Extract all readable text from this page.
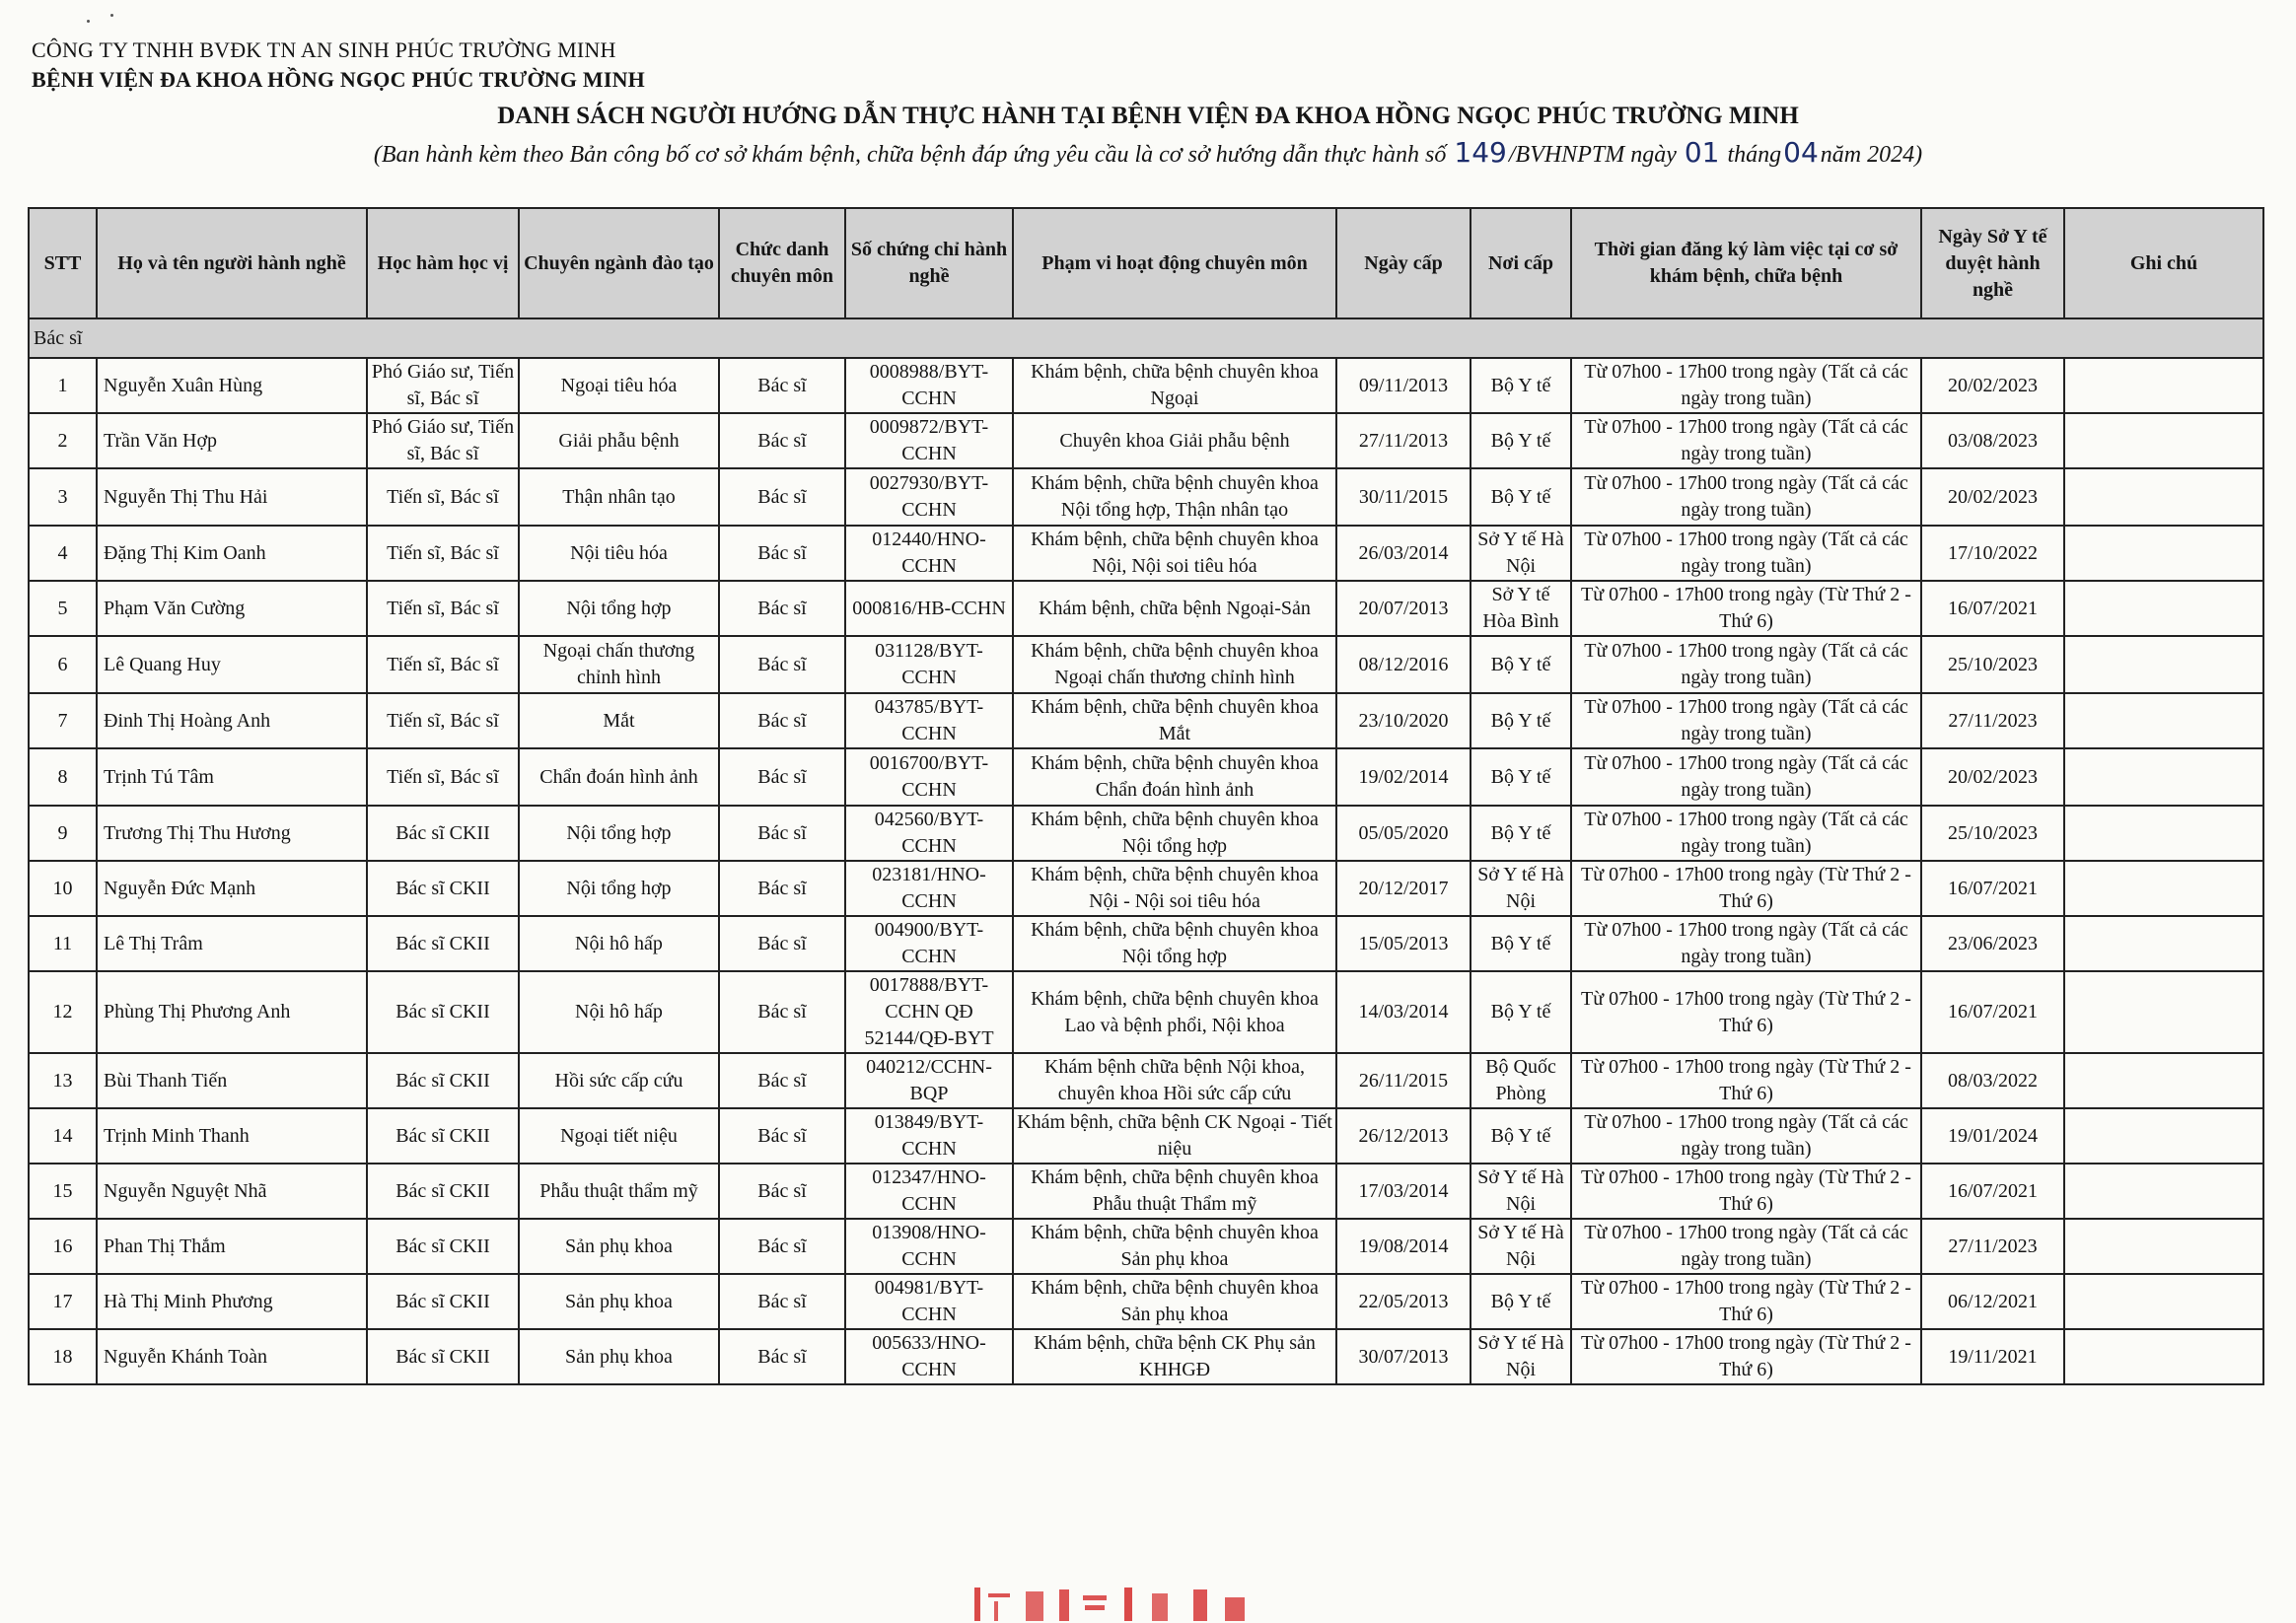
CÔNG TY TNHH BVĐK TN AN SINH PHÚC TRƯỜNG MINH
BỆNH VIỆN ĐA KHOA HỒNG NGỌC PHÚC TRƯỜNG MINH
DANH SÁCH NGƯỜI HƯỚNG DẪN THỰC HÀNH TẠI BỆNH VIỆN ĐA KHOA HỒNG NGỌC PHÚC TRƯỜNG MINH
(Ban hành kèm theo Bản công bố cơ sở khám bệnh, chữa bệnh đáp ứng yêu cầu là cơ sở hướng dẫn thực hành số 149/BVHNPTM ngày 01 tháng04năm 2024)
STT	Họ và tên người hành nghề	Học hàm học vị	Chuyên ngành đào tạo	Chức danh chuyên môn	Số chứng chỉ hành nghề	Phạm vi hoạt động chuyên môn	Ngày cấp	Nơi cấp	Thời gian đăng ký làm việc tại cơ sở khám bệnh, chữa bệnh	Ngày Sở Y tế duyệt hành nghề	Ghi chú
Bác sĩ											
1	Nguyễn Xuân Hùng	Phó Giáo sư, Tiến sĩ, Bác sĩ	Ngoại tiêu hóa	Bác sĩ	0008988/BYT-CCHN	Khám bệnh, chữa bệnh chuyên khoa Ngoại	09/11/2013	Bộ Y tế	Từ 07h00 - 17h00 trong ngày (Tất cả các ngày trong tuần)	20/02/2023	
2	Trần Văn Hợp	Phó Giáo sư, Tiến sĩ, Bác sĩ	Giải phẫu bệnh	Bác sĩ	0009872/BYT-CCHN	Chuyên khoa Giải phẫu bệnh	27/11/2013	Bộ Y tế	Từ 07h00 - 17h00 trong ngày (Tất cả các ngày trong tuần)	03/08/2023	
3	Nguyễn Thị Thu Hải	Tiến sĩ, Bác sĩ	Thận nhân tạo	Bác sĩ	0027930/BYT-CCHN	Khám bệnh, chữa bệnh chuyên khoa Nội tổng hợp, Thận nhân tạo	30/11/2015	Bộ Y tế	Từ 07h00 - 17h00 trong ngày (Tất cả các ngày trong tuần)	20/02/2023	
4	Đặng Thị Kim Oanh	Tiến sĩ, Bác sĩ	Nội tiêu hóa	Bác sĩ	012440/HNO-CCHN	Khám bệnh, chữa bệnh chuyên khoa Nội, Nội soi tiêu hóa	26/03/2014	Sở Y tế Hà Nội	Từ 07h00 - 17h00 trong ngày (Tất cả các ngày trong tuần)	17/10/2022	
5	Phạm Văn Cường	Tiến sĩ, Bác sĩ	Nội tổng hợp	Bác sĩ	000816/HB-CCHN	Khám bệnh, chữa bệnh Ngoại-Sản	20/07/2013	Sở Y tế Hòa Bình	Từ 07h00 - 17h00 trong ngày (Từ Thứ 2 - Thứ 6)	16/07/2021	
6	Lê Quang Huy	Tiến sĩ, Bác sĩ	Ngoại chấn thương chỉnh hình	Bác sĩ	031128/BYT-CCHN	Khám bệnh, chữa bệnh chuyên khoa Ngoại chấn thương chỉnh hình	08/12/2016	Bộ Y tế	Từ 07h00 - 17h00 trong ngày (Tất cả các ngày trong tuần)	25/10/2023	
7	Đinh Thị Hoàng Anh	Tiến sĩ, Bác sĩ	Mắt	Bác sĩ	043785/BYT-CCHN	Khám bệnh, chữa bệnh chuyên khoa Mắt	23/10/2020	Bộ Y tế	Từ 07h00 - 17h00 trong ngày (Tất cả các ngày trong tuần)	27/11/2023	
8	Trịnh Tú Tâm	Tiến sĩ, Bác sĩ	Chẩn đoán hình ảnh	Bác sĩ	0016700/BYT-CCHN	Khám bệnh, chữa bệnh chuyên khoa Chẩn đoán hình ảnh	19/02/2014	Bộ Y tế	Từ 07h00 - 17h00 trong ngày (Tất cả các ngày trong tuần)	20/02/2023	
9	Trương Thị Thu Hương	Bác sĩ CKII	Nội tổng hợp	Bác sĩ	042560/BYT-CCHN	Khám bệnh, chữa bệnh chuyên khoa Nội tổng hợp	05/05/2020	Bộ Y tế	Từ 07h00 - 17h00 trong ngày (Tất cả các ngày trong tuần)	25/10/2023	
10	Nguyễn Đức Mạnh	Bác sĩ CKII	Nội tổng hợp	Bác sĩ	023181/HNO-CCHN	Khám bệnh, chữa bệnh chuyên khoa Nội - Nội soi tiêu hóa	20/12/2017	Sở Y tế Hà Nội	Từ 07h00 - 17h00 trong ngày (Từ Thứ 2 - Thứ 6)	16/07/2021	
11	Lê Thị Trâm	Bác sĩ CKII	Nội hô hấp	Bác sĩ	004900/BYT-CCHN	Khám bệnh, chữa bệnh chuyên khoa Nội tổng hợp	15/05/2013	Bộ Y tế	Từ 07h00 - 17h00 trong ngày (Tất cả các ngày trong tuần)	23/06/2023	
12	Phùng Thị Phương Anh	Bác sĩ CKII	Nội hô hấp	Bác sĩ	0017888/BYT-CCHN QĐ 52144/QĐ-BYT	Khám bệnh, chữa bệnh chuyên khoa Lao và bệnh phổi, Nội khoa	14/03/2014	Bộ Y tế	Từ 07h00 - 17h00 trong ngày (Từ Thứ 2 - Thứ 6)	16/07/2021	
13	Bùi Thanh Tiến	Bác sĩ CKII	Hồi sức cấp cứu	Bác sĩ	040212/CCHN-BQP	Khám bệnh chữa bệnh Nội khoa, chuyên khoa Hồi sức cấp cứu	26/11/2015	Bộ Quốc Phòng	Từ 07h00 - 17h00 trong ngày (Từ Thứ 2 - Thứ 6)	08/03/2022	
14	Trịnh Minh Thanh	Bác sĩ CKII	Ngoại tiết niệu	Bác sĩ	013849/BYT-CCHN	Khám bệnh, chữa bệnh CK Ngoại - Tiết niệu	26/12/2013	Bộ Y tế	Từ 07h00 - 17h00 trong ngày (Tất cả các ngày trong tuần)	19/01/2024	
15	Nguyễn Nguyệt Nhã	Bác sĩ CKII	Phẫu thuật thẩm mỹ	Bác sĩ	012347/HNO-CCHN	Khám bệnh, chữa bệnh chuyên khoa Phẫu thuật Thẩm mỹ	17/03/2014	Sở Y tế Hà Nội	Từ 07h00 - 17h00 trong ngày (Từ Thứ 2 - Thứ 6)	16/07/2021	
16	Phan Thị Thắm	Bác sĩ CKII	Sản phụ khoa	Bác sĩ	013908/HNO-CCHN	Khám bệnh, chữa bệnh chuyên khoa Sản phụ khoa	19/08/2014	Sở Y tế Hà Nội	Từ 07h00 - 17h00 trong ngày (Tất cả các ngày trong tuần)	27/11/2023	
17	Hà Thị Minh Phương	Bác sĩ CKII	Sản phụ khoa	Bác sĩ	004981/BYT-CCHN	Khám bệnh, chữa bệnh chuyên khoa Sản phụ khoa	22/05/2013	Bộ Y tế	Từ 07h00 - 17h00 trong ngày (Từ Thứ 2 - Thứ 6)	06/12/2021	
18	Nguyễn Khánh Toàn	Bác sĩ CKII	Sản phụ khoa	Bác sĩ	005633/HNO-CCHN	Khám bệnh, chữa bệnh CK Phụ sản KHHGĐ	30/07/2013	Sở Y tế Hà Nội	Từ 07h00 - 17h00 trong ngày (Từ Thứ 2 - Thứ 6)	19/11/2021	
